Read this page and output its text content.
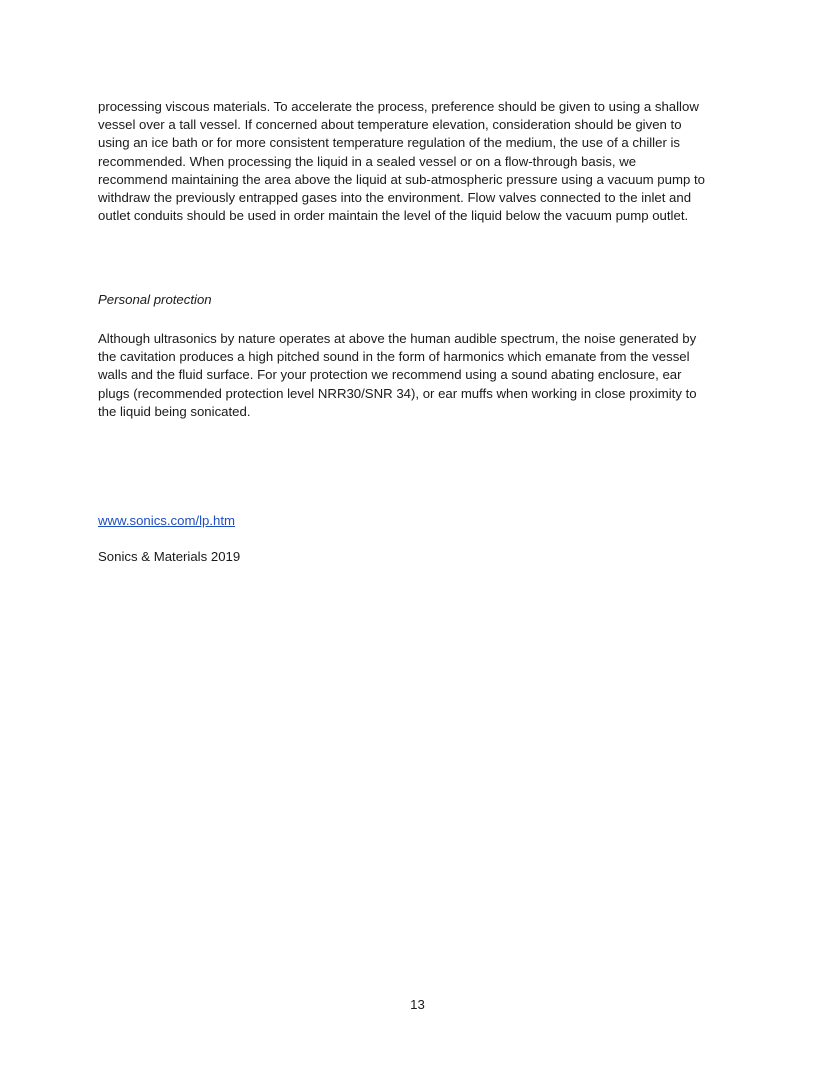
processing viscous materials. To accelerate the process, preference should be given to using a shallow
vessel over a tall vessel. If concerned about temperature elevation, consideration should be given to
using an ice bath or for more consistent temperature regulation of the medium, the use of a chiller is
recommended. When processing the liquid in a sealed vessel or on a flow-through basis, we
recommend maintaining the area above the liquid at sub-atmospheric pressure using a vacuum pump to
withdraw the previously entrapped gases into the environment. Flow valves connected to the inlet and
outlet conduits should be used in order maintain the level of the liquid below the vacuum pump outlet.

Personal protection

Although ultrasonics by nature operates at above the human audible spectrum, the noise generated by
the cavitation produces a high pitched sound in the form of harmonics which emanate from the vessel
walls and the fluid surface. For your protection we recommend using a sound abating enclosure, ear
plugs (recommended protection level NRR30/SNR 34), or ear muffs when working in close proximity to
the liquid being sonicated.
www.sonics.com/lp.htm

Sonics & Materials 2019

13
